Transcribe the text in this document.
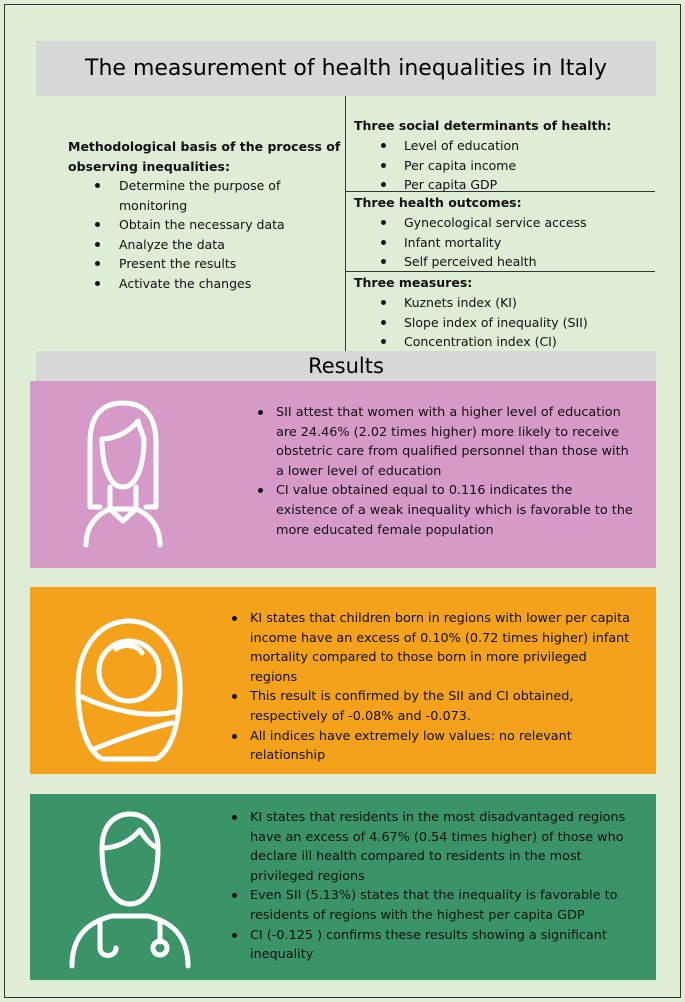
The measurement of health inequalities in Italy
Methodological basis of the process of observing inequalities:
Determine the purpose of monitoring
Obtain the necessary data
Analyze the data
Present the results
Activate the changes
Three social determinants of health:
Level of education
Per capita income
Per capita GDP
Three health outcomes:
Gynecological service access
Infant mortality
Self perceived health
Three measures:
Kuznets index (KI)
Slope index of inequality (SII)
Concentration index (CI)
Results
SII attest that women with a higher level of education are 24.46% (2.02 times higher) more likely to receive obstetric care from qualified personnel than those with a lower level of education
CI value obtained equal to 0.116 indicates the existence of a weak inequality which is favorable to the more educated female population
KI states that children born in regions with lower per capita income have an excess of 0.10% (0.72 times higher) infant mortality compared to those born in more privileged regions
This result is confirmed by the SII and CI obtained, respectively of -0.08% and -0.073.
All indices have extremely low values: no relevant relationship
KI states that residents in the most disadvantaged regions have an excess of 4.67% (0.54 times higher) of those who declare ill health compared to residents in the most privileged regions
Even SII (5.13%) states that the inequality is favorable to residents of regions with the highest per capita GDP
CI (-0.125 ) confirms these results showing a significant inequality
